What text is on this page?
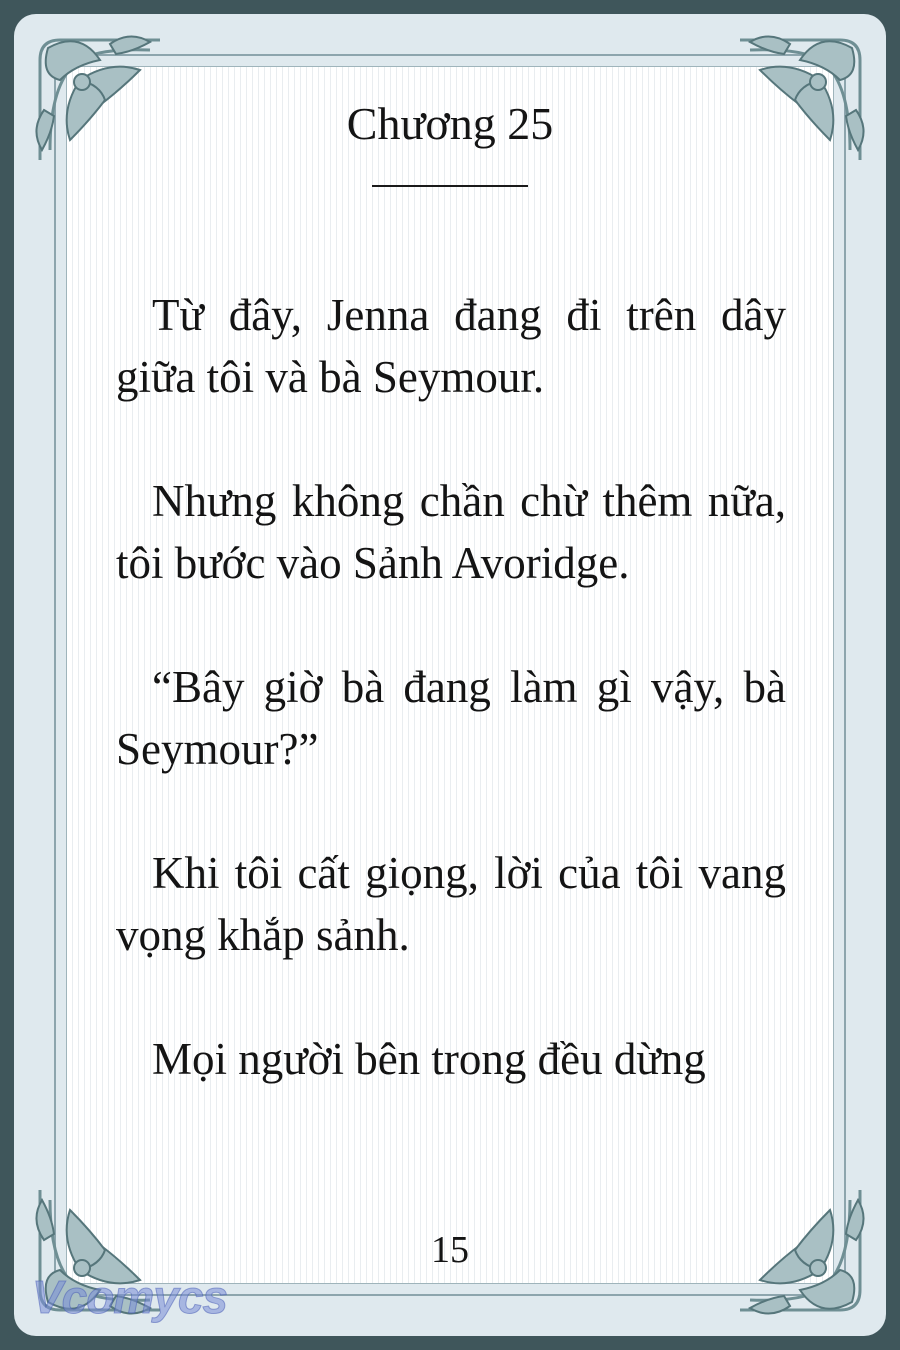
Chương 25

Từ đây, Jenna đang đi trên dây giữa tôi và bà Seymour.

Nhưng không chần chừ thêm nữa, tôi bước vào Sảnh Avoridge.

“Bây giờ bà đang làm gì vậy, bà Seymour?”

Khi tôi cất giọng, lời của tôi vang vọng khắp sảnh.

Mọi người bên trong đều dừng

15
Vcomycs
